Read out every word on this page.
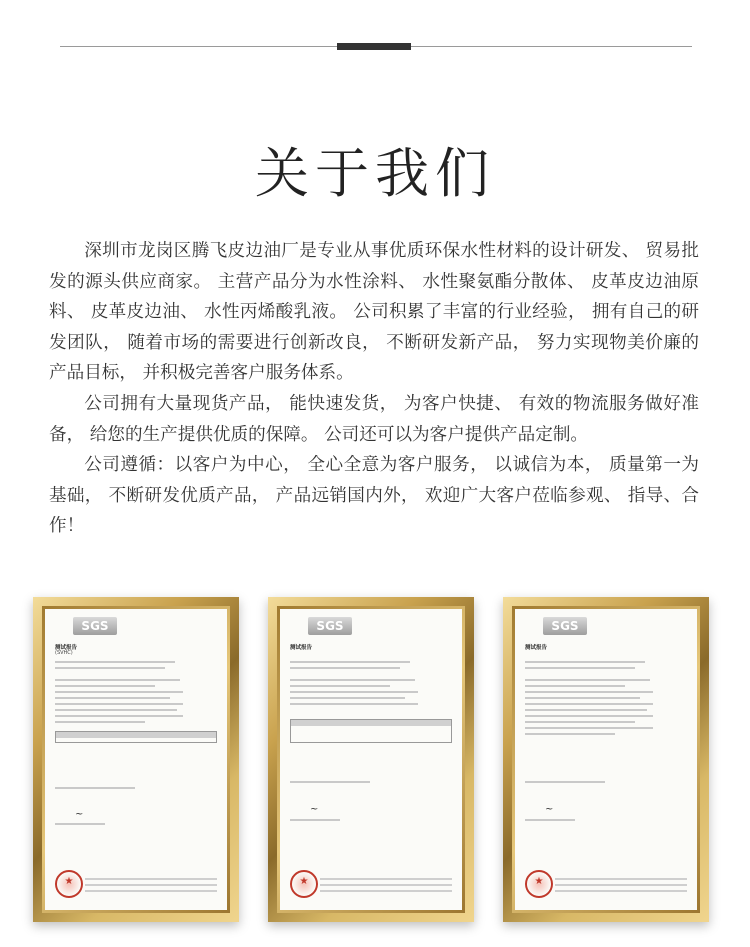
关于我们

深圳市龙岗区腾飞皮边油厂是专业从事优质环保水性材料的设计研发、 贸易批发的源头供应商家。 主营产品分为水性涂料、 水性聚氨酯分散体、 皮革皮边油原料、 皮革皮边油、 水性丙烯酸乳液。 公司积累了丰富的行业经验， 拥有自己的研发团队， 随着市场的需要进行创新改良， 不断研发新产品， 努力实现物美价廉的产品目标， 并积极完善客户服务体系。

公司拥有大量现货产品， 能快速发货， 为客户快捷、 有效的物流服务做好准备， 给您的生产提供优质的保障。 公司还可以为客户提供产品定制。

公司遵循：以客户为中心， 全心全意为客户服务， 以诚信为本， 质量第一为基础， 不断研发优质产品， 产品远销国内外， 欢迎广大客户莅临参观、 指导、合作！

SGS
测试报告
(SVHC)
~
★
SGS
测试报告
~
★
SGS
测试报告
~
★
